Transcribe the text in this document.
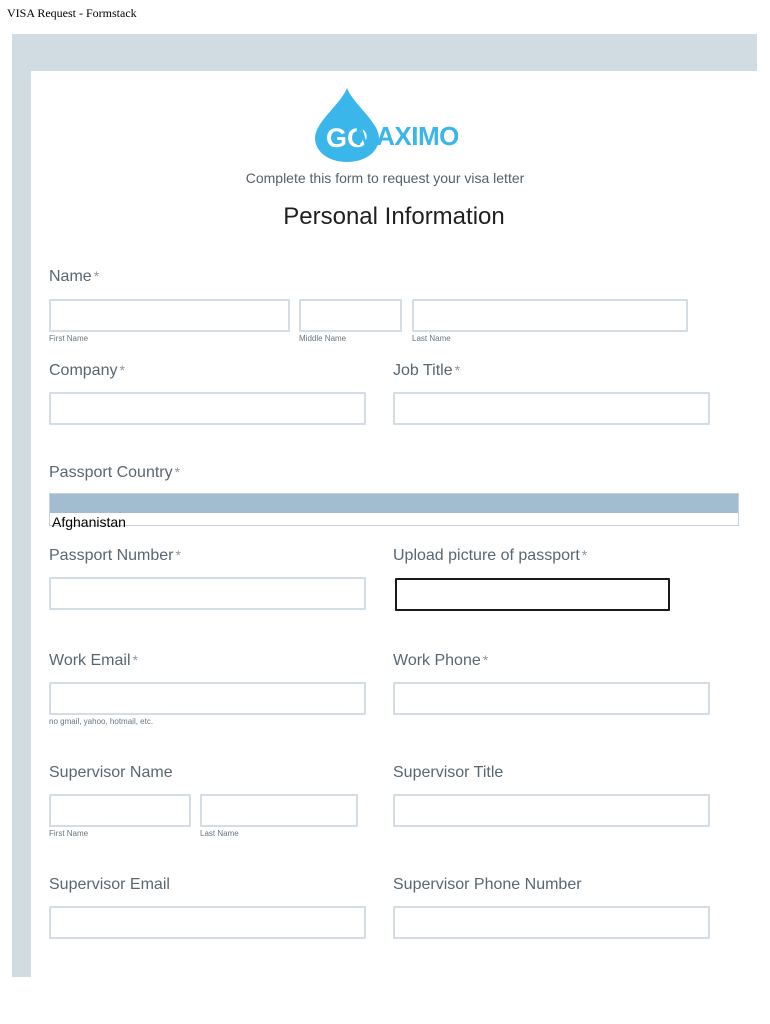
VISA Request - Formstack
GO
MAXIMO
Complete this form to request your visa letter
Personal Information
Name *
First Name	Middle Name	Last Name
Company *	Job Title *
Passport Country *
Afghanistan
Passport Number *	Upload picture of passport *
Work Email *	Work Phone *
no gmail, yahoo, hotmail, etc.
Supervisor Name	Supervisor Title
First Name	Last Name
Supervisor Email	Supervisor Phone Number
